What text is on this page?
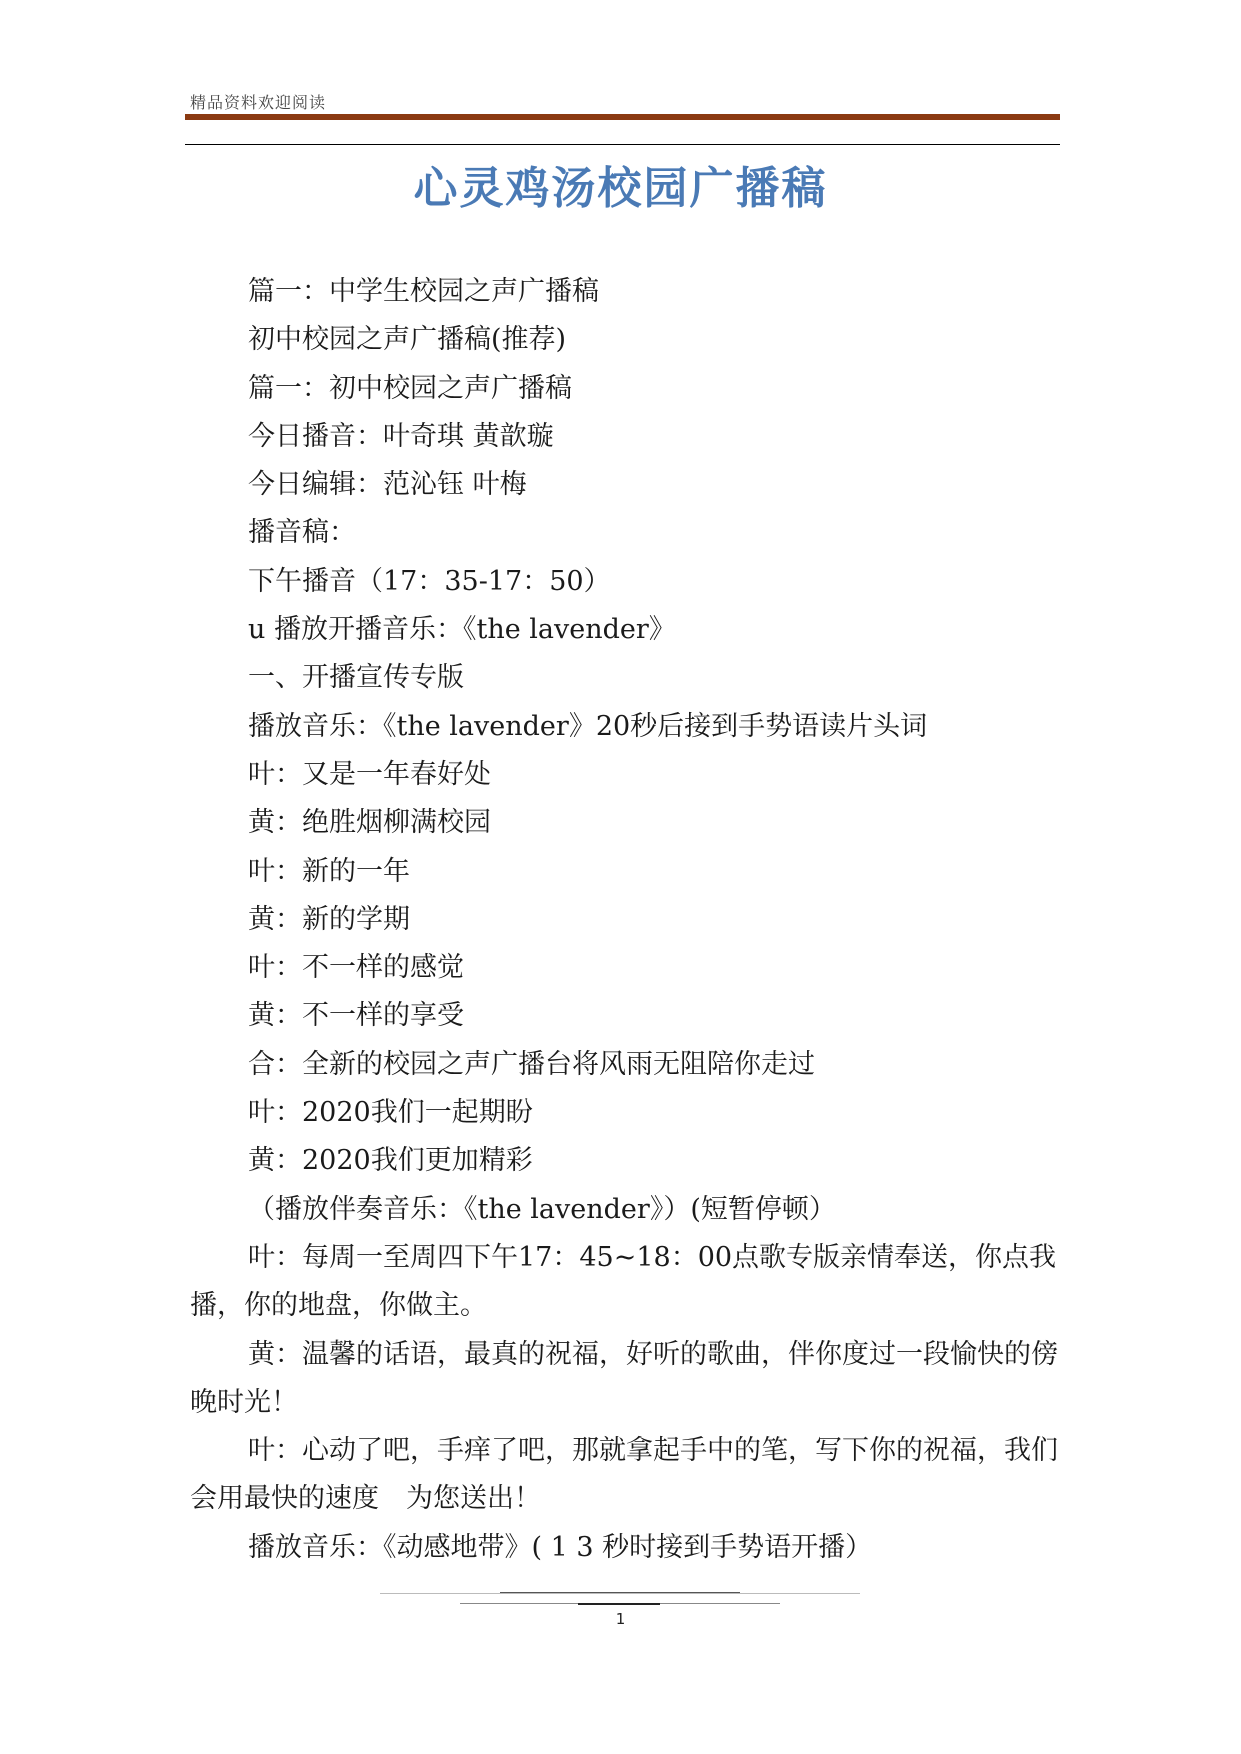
精品资料欢迎阅读
心灵鸡汤校园广播稿

篇一：中学生校园之声广播稿

初中校园之声广播稿(推荐)

篇一：初中校园之声广播稿

今日播音：叶奇琪 黄歆璇

今日编辑：范沁钰 叶梅

播音稿：

下午播音（17：35-17：50）

u 播放开播音乐：《the lavender》

一、开播宣传专版

播放音乐：《the lavender》20秒后接到手势语读片头词

叶：又是一年春好处

黄：绝胜烟柳满校园

叶：新的一年

黄：新的学期

叶：不一样的感觉

黄：不一样的享受

合：全新的校园之声广播台将风雨无阻陪你走过

叶：2020我们一起期盼

黄：2020我们更加精彩

（播放伴奏音乐：《the lavender》）(短暂停顿）

叶：每周一至周四下午17：45~18：00点歌专版亲情奉送，你点我播，你的地盘，你做主。

黄：温馨的话语，最真的祝福，好听的歌曲，伴你度过一段愉快的傍晚时光！

叶：心动了吧，手痒了吧，那就拿起手中的笔，写下你的祝福，我们会用最快的速度　为您送出！

播放音乐：《动感地带》( 1 3 秒时接到手势语开播）

1
